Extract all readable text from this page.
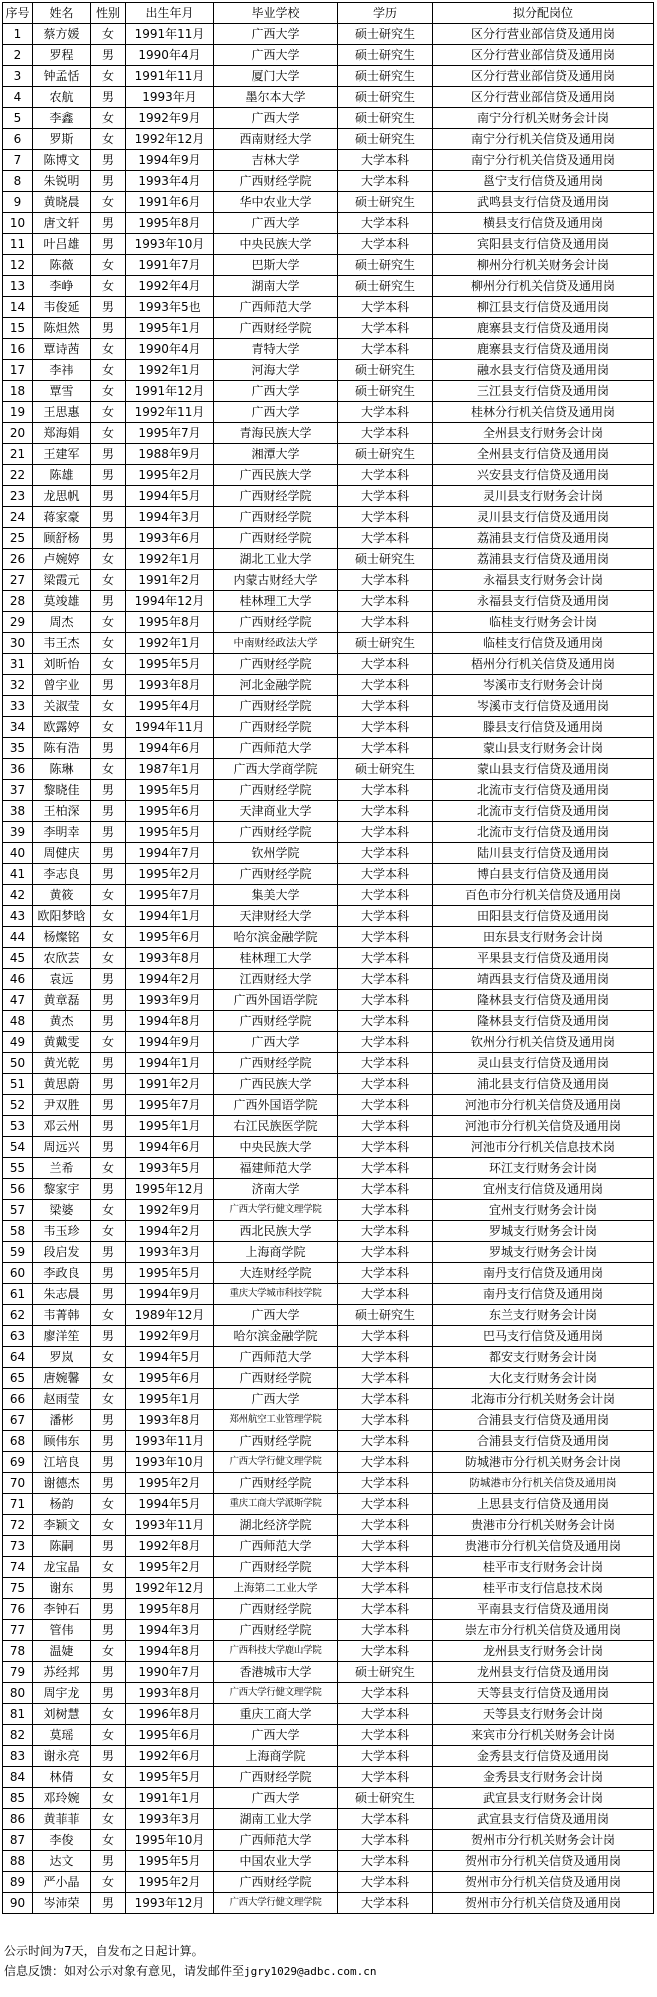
序号	姓名	性别	出生年月	毕业学校	学历	拟分配岗位
1	蔡方媛	女	1991年11月	广西大学	硕士研究生	区分行营业部信贷及通用岗
2	罗程	男	1990年4月	广西大学	硕士研究生	区分行营业部信贷及通用岗
3	钟孟恬	女	1991年11月	厦门大学	硕士研究生	区分行营业部信贷及通用岗
4	农航	男	1993年月	墨尔本大学	硕士研究生	区分行营业部信贷及通用岗
5	李鑫	女	1992年9月	广西大学	硕士研究生	南宁分行机关财务会计岗
6	罗斯	女	1992年12月	西南财经大学	硕士研究生	南宁分行机关信贷及通用岗
7	陈博文	男	1994年9月	吉林大学	大学本科	南宁分行机关信贷及通用岗
8	朱锐明	男	1993年4月	广西财经学院	大学本科	邕宁支行信贷及通用岗
9	黄晓晨	女	1991年6月	华中农业大学	硕士研究生	武鸣县支行信贷及通用岗
10	唐文轩	男	1995年8月	广西大学	大学本科	横县支行信贷及通用岗
11	叶吕雄	男	1993年10月	中央民族大学	大学本科	宾阳县支行信贷及通用岗
12	陈薇	女	1991年7月	巴斯大学	硕士研究生	柳州分行机关财务会计岗
13	李峥	女	1992年4月	湖南大学	硕士研究生	柳州分行机关信贷及通用岗
14	韦俊延	男	1993年5也	广西师范大学	大学本科	柳江县支行信贷及通用岗
15	陈炟然	男	1995年1月	广西财经学院	大学本科	鹿寨县支行信贷及通用岗
16	覃诗茜	女	1990年4月	青特大学	大学本科	鹿寨县支行信贷及通用岗
17	李祎	女	1992年1月	河海大学	硕士研究生	融水县支行信贷及通用岗
18	覃雪	女	1991年12月	广西大学	硕士研究生	三江县支行信贷及通用岗
19	王思惠	女	1992年11月	广西大学	大学本科	桂林分行机关信贷及通用岗
20	郑海娟	女	1995年7月	青海民族大学	大学本科	全州县支行财务会计岗
21	王建军	男	1988年9月	湘潭大学	硕士研究生	全州县支行信贷及通用岗
22	陈雄	男	1995年2月	广西民族大学	大学本科	兴安县支行信贷及通用岗
23	龙思帆	男	1994年5月	广西财经学院	大学本科	灵川县支行财务会计岗
24	蒋家豪	男	1994年3月	广西财经学院	大学本科	灵川县支行信贷及通用岗
25	顾舒杨	男	1993年6月	广西财经学院	大学本科	荔浦县支行信贷及通用岗
26	卢婉婷	女	1992年1月	湖北工业大学	硕士研究生	荔浦县支行信贷及通用岗
27	梁霞元	女	1991年2月	内蒙古财经大学	大学本科	永福县支行财务会计岗
28	莫竣雄	男	1994年12月	桂林理工大学	大学本科	永福县支行信贷及通用岗
29	周杰	女	1995年8月	广西财经学院	大学本科	临桂支行财务会计岗
30	韦王杰	女	1992年1月	中南财经政法大学	硕士研究生	临桂支行信贷及通用岗
31	刘昕怡	女	1995年5月	广西财经学院	大学本科	梧州分行机关信贷及通用岗
32	曾宇业	男	1993年8月	河北金融学院	大学本科	岑溪市支行财务会计岗
33	关淑莹	女	1995年4月	广西财经学院	大学本科	岑溪市支行信贷及通用岗
34	欧露婷	女	1994年11月	广西财经学院	大学本科	滕县支行信贷及通用岗
35	陈有浩	男	1994年6月	广西师范大学	大学本科	蒙山县支行财务会计岗
36	陈琳	女	1987年1月	广西大学商学院	硕士研究生	蒙山县支行信贷及通用岗
37	黎晓佳	男	1995年5月	广西财经学院	大学本科	北流市支行信贷及通用岗
38	王柏深	男	1995年6月	天津商业大学	大学本科	北流市支行信贷及通用岗
39	李明幸	男	1995年5月	广西财经学院	大学本科	北流市支行信贷及通用岗
40	周健庆	男	1994年7月	钦州学院	大学本科	陆川县支行信贷及通用岗
41	李志良	男	1995年2月	广西财经学院	大学本科	博白县支行信贷及通用岗
42	黄筱	女	1995年7月	集美大学	大学本科	百色市分行机关信贷及通用岗
43	欧阳梦晗	女	1994年1月	天津财经大学	大学本科	田阳县支行信贷及通用岗
44	杨燦铭	女	1995年6月	哈尔滨金融学院	大学本科	田东县支行财务会计岗
45	农欣芸	女	1993年8月	桂林理工大学	大学本科	平果县支行信贷及通用岗
46	袁远	男	1994年2月	江西财经大学	大学本科	靖西县支行信贷及通用岗
47	黄章磊	男	1993年9月	广西外国语学院	大学本科	隆林县支行信贷及通用岗
48	黄杰	男	1994年8月	广西财经学院	大学本科	隆林县支行信贷及通用岗
49	黄戴雯	女	1994年9月	广西大学	大学本科	钦州分行机关信贷及通用岗
50	黄光乾	男	1994年1月	广西财经学院	大学本科	灵山县支行信贷及通用岗
51	黄思蔚	男	1991年2月	广西民族大学	大学本科	浦北县支行信贷及通用岗
52	尹双胜	男	1995年7月	广西外国语学院	大学本科	河池市分行机关信贷及通用岗
53	邓云州	男	1995年1月	右江民族医学院	大学本科	河池市分行机关信贷及通用岗
54	周远兴	男	1994年6月	中央民族大学	大学本科	河池市分行机关信息技术岗
55	兰希	女	1993年5月	福建师范大学	大学本科	环江支行财务会计岗
56	黎家宇	男	1995年12月	济南大学	大学本科	宜州支行信贷及通用岗
57	梁婆	女	1992年9月	广西大学行健文理学院	大学本科	宜州支行财务会计岗
58	韦玉珍	女	1994年2月	西北民族大学	大学本科	罗城支行财务会计岗
59	段启发	男	1993年3月	上海商学院	大学本科	罗城支行财务会计岗
60	李政良	男	1995年5月	大连财经学院	大学本科	南丹支行信贷及通用岗
61	朱志晨	男	1994年9月	重庆大学城市科技学院	大学本科	南丹支行信贷及通用岗
62	韦菁韩	女	1989年12月	广西大学	硕士研究生	东兰支行财务会计岗
63	廖洋笙	男	1992年9月	哈尔滨金融学院	大学本科	巴马支行信贷及通用岗
64	罗岚	女	1994年5月	广西师范大学	大学本科	都安支行财务会计岗
65	唐婉馨	女	1995年6月	广西财经学院	大学本科	大化支行财务会计岗
66	赵雨莹	女	1995年1月	广西大学	大学本科	北海市分行机关财务会计岗
67	潘彬	男	1993年8月	郑州航空工业管理学院	大学本科	合浦县支行信贷及通用岗
68	顾伟东	男	1993年11月	广西财经学院	大学本科	合浦县支行信贷及通用岗
69	江培良	男	1993年10月	广西大学行健文理学院	大学本科	防城港市分行机关财务会计岗
70	谢德杰	男	1995年2月	广西财经学院	大学本科	防城港市分行机关信贷及通用岗
71	杨韵	女	1994年5月	重庆工商大学派斯学院	大学本科	上思县支行信贷及通用岗
72	李颖文	女	1993年11月	湖北经济学院	大学本科	贵港市分行机关财务会计岗
73	陈嗣	男	1992年8月	广西师范大学	大学本科	贵港市分行机关信贷及通用岗
74	龙宝晶	女	1995年2月	广西财经学院	大学本科	桂平市支行财务会计岗
75	谢东	男	1992年12月	上海第二工业大学	大学本科	桂平市支行信息技术岗
76	李钟石	男	1995年8月	广西财经学院	大学本科	平南县支行信贷及通用岗
77	管伟	男	1994年3月	广西财经学院	大学本科	崇左市分行机关信贷及通用岗
78	温婕	女	1994年8月	广西科技大学鹿山学院	大学本科	龙州县支行财务会计岗
79	苏经邦	男	1990年7月	香港城市大学	硕士研究生	龙州县支行信贷及通用岗
80	周宇龙	男	1993年8月	广西大学行健文理学院	大学本科	天等县支行信贷及通用岗
81	刘树慧	女	1996年8月	重庆工商大学	大学本科	天等县支行财务会计岗
82	莫瑶	女	1995年6月	广西大学	大学本科	来宾市分行机关财务会计岗
83	谢永亮	男	1992年6月	上海商学院	大学本科	金秀县支行信贷及通用岗
84	林倩	女	1995年5月	广西财经学院	大学本科	金秀县支行财务会计岗
85	邓玲婉	女	1991年1月	广西大学	硕士研究生	武宣县支行财务会计岗
86	黄菲菲	女	1993年3月	湖南工业大学	大学本科	武宣县支行信贷及通用岗
87	李俊	女	1995年10月	广西师范大学	大学本科	贺州市分行机关财务会计岗
88	达文	男	1995年5月	中国农业大学	大学本科	贺州市分行机关信贷及通用岗
89	严小晶	女	1995年2月	广西财经学院	大学本科	贺州市分行机关信贷及通用岗
90	岑沛荣	男	1993年12月	广西大学行健文理学院	大学本科	贺州市分行机关信贷及通用岗
公示时间为7天，自发布之日起计算。
信息反馈：如对公示对象有意见，请发邮件至jgry1029@adbc.com.cn
